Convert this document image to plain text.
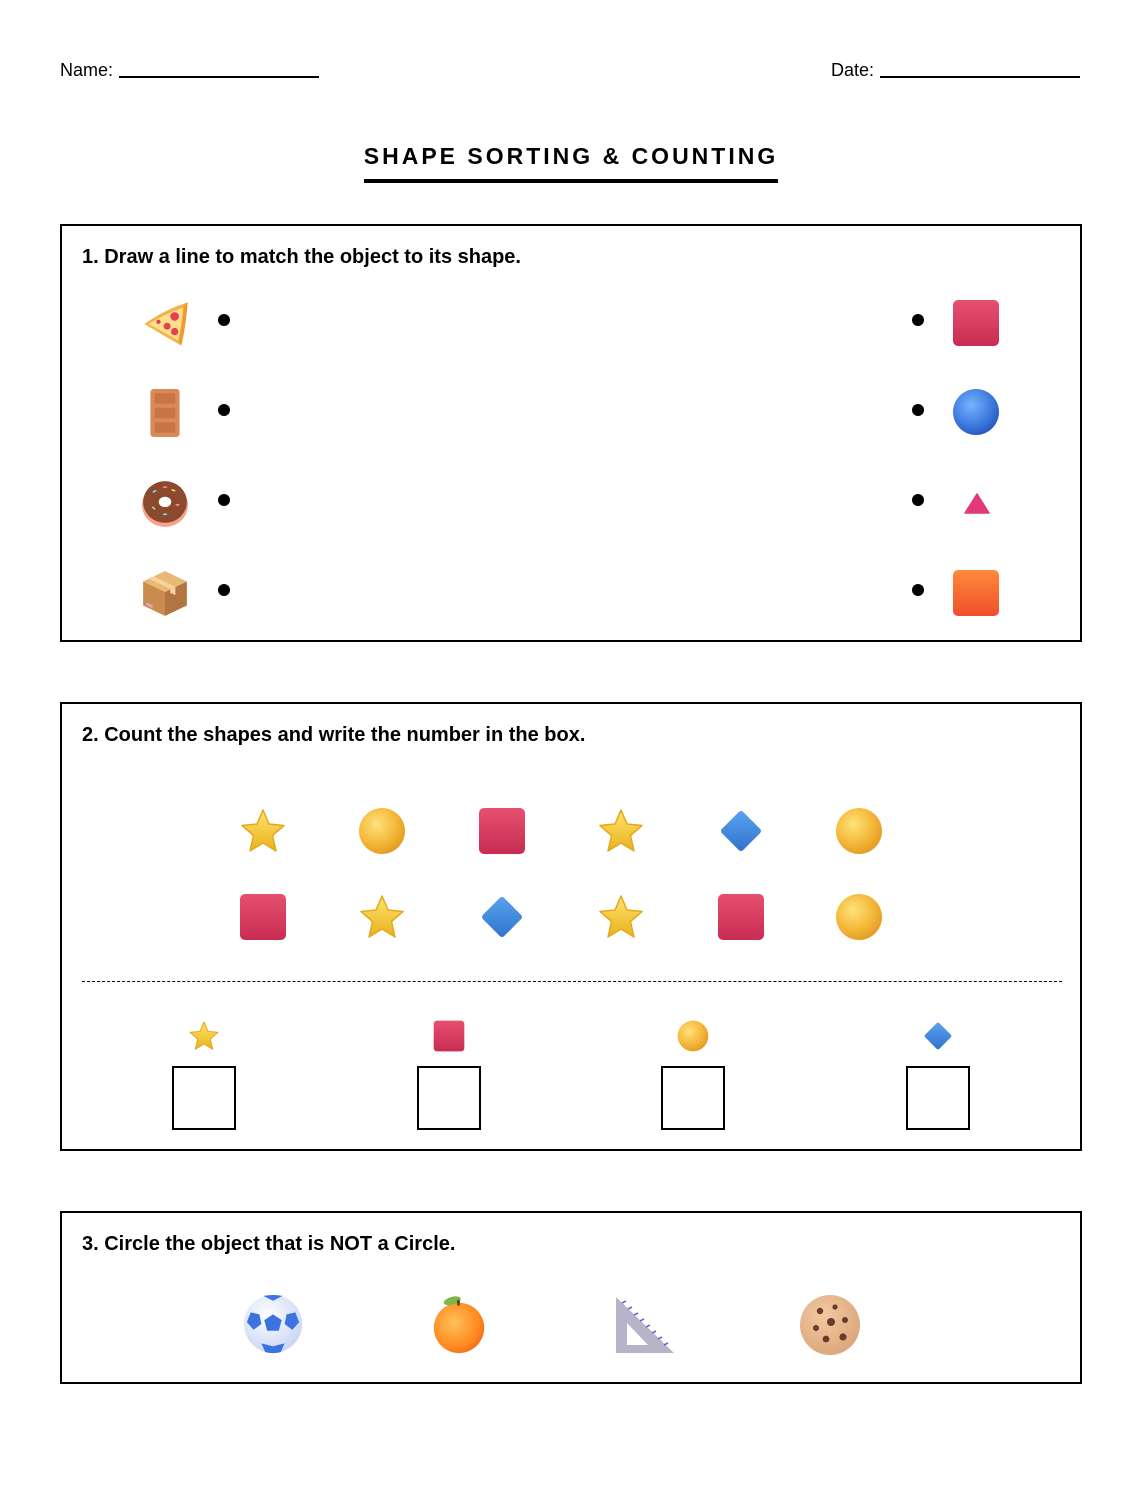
Name:	Date:
SHAPE SORTING & COUNTING
1. Draw a line to match the object to its shape.
2. Count the shapes and write the number in the box.
3. Circle the object that is NOT a Circle.
